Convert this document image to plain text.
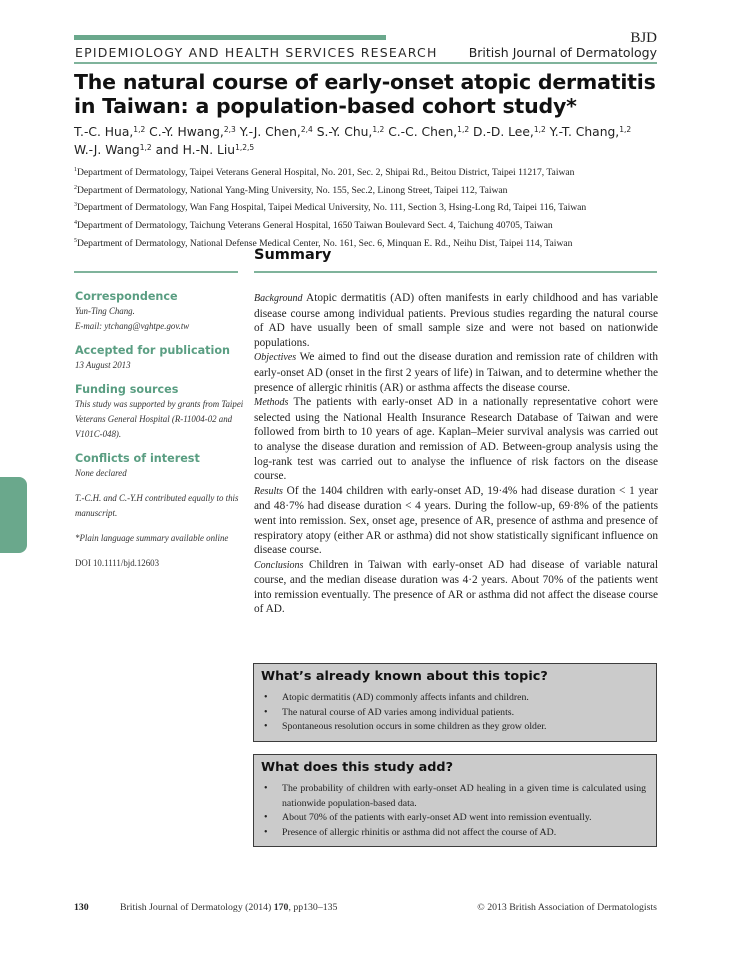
EPIDEMIOLOGY AND HEALTH SERVICES RESEARCH
BJD
British Journal of Dermatology
The natural course of early-onset atopic dermatitis in Taiwan: a population-based cohort study*
T.-C. Hua,$^{1,2}$ C.-Y. Hwang,$^{2,3}$ Y.-J. Chen,$^{2,4}$ S.-Y. Chu,$^{1,2}$ C.-C. Chen,$^{1,2}$ D.-D. Lee,$^{1,2}$ Y.-T. Chang,$^{1,2}$
W.-J. Wang$^{1,2}$ and H.-N. Liu$^{1,2,5}$
$^1$Department of Dermatology, Taipei Veterans General Hospital, No. 201, Sec. 2, Shipai Rd., Beitou District, Taipei 11217, Taiwan
$^2$Department of Dermatology, National Yang-Ming University, No. 155, Sec.2, Linong Street, Taipei 112, Taiwan
$^3$Department of Dermatology, Wan Fang Hospital, Taipei Medical University, No. 111, Section 3, Hsing-Long Rd, Taipei 116, Taiwan
$^4$Department of Dermatology, Taichung Veterans General Hospital, 1650 Taiwan Boulevard Sect. 4, Taichung 40705, Taiwan
$^5$Department of Dermatology, National Defense Medical Center, No. 161, Sec. 6, Minquan E. Rd., Neihu Dist, Taipei 114, Taiwan
Summary

Correspondence

Yun-Ting Chang.

E-mail: ytchang@vghtpe.gov.tw

Accepted for publication

13 August 2013

Funding sources

This study was supported by grants from Taipei Veterans General Hospital (R-11004-02 and V101C-048).

Conflicts of interest

None declared

T.-C.H. and C.-Y.H contributed equally to this manuscript.

*Plain language summary available online

DOI 10.1111/bjd.12603

Background Atopic dermatitis (AD) often manifests in early childhood and has variable disease course among individual patients. Previous studies regarding the natural course of AD have usually been of small sample size and were not based on nationwide populations.

Objectives We aimed to find out the disease duration and remission rate of children with early-onset AD (onset in the first 2 years of life) in Taiwan, and to determine whether the presence of allergic rhinitis (AR) or asthma affects the disease course.

Methods The patients with early-onset AD in a nationally representative cohort were selected using the National Health Insurance Research Database of Taiwan and were followed from birth to 10 years of age. Kaplan–Meier survival analysis was carried out to analyse the disease duration and remission of AD. Between-group analysis using the log-rank test was carried out to analyse the influence of risk factors on the disease course.

Results Of the 1404 children with early-onset AD, 19·4% had disease duration < 1 year and 48·7% had disease duration < 4 years. During the follow-up, 69·8% of the patients went into remission. Sex, onset age, presence of AR, presence of asthma and presence of respiratory atopy (either AR or asthma) did not show statistically significant influence on disease course.

Conclusions Children in Taiwan with early-onset AD had disease of variable natural course, and the median disease duration was 4·2 years. About 70% of the patients went into remission eventually. The presence of AR or asthma did not affect the disease course of AD.

What’s already known about this topic?
• Atopic dermatitis (AD) commonly affects infants and children.
• The natural course of AD varies among individual patients.
• Spontaneous resolution occurs in some children as they grow older.
What does this study add?
• The probability of children with early-onset AD healing in a given time is calculated using nationwide population-based data.
• About 70% of the patients with early-onset AD went into remission eventually.
• Presence of allergic rhinitis or asthma did not affect the course of AD.
130	British Journal of Dermatology (2014) 170, pp130–135	© 2013 British Association of Dermatologists
